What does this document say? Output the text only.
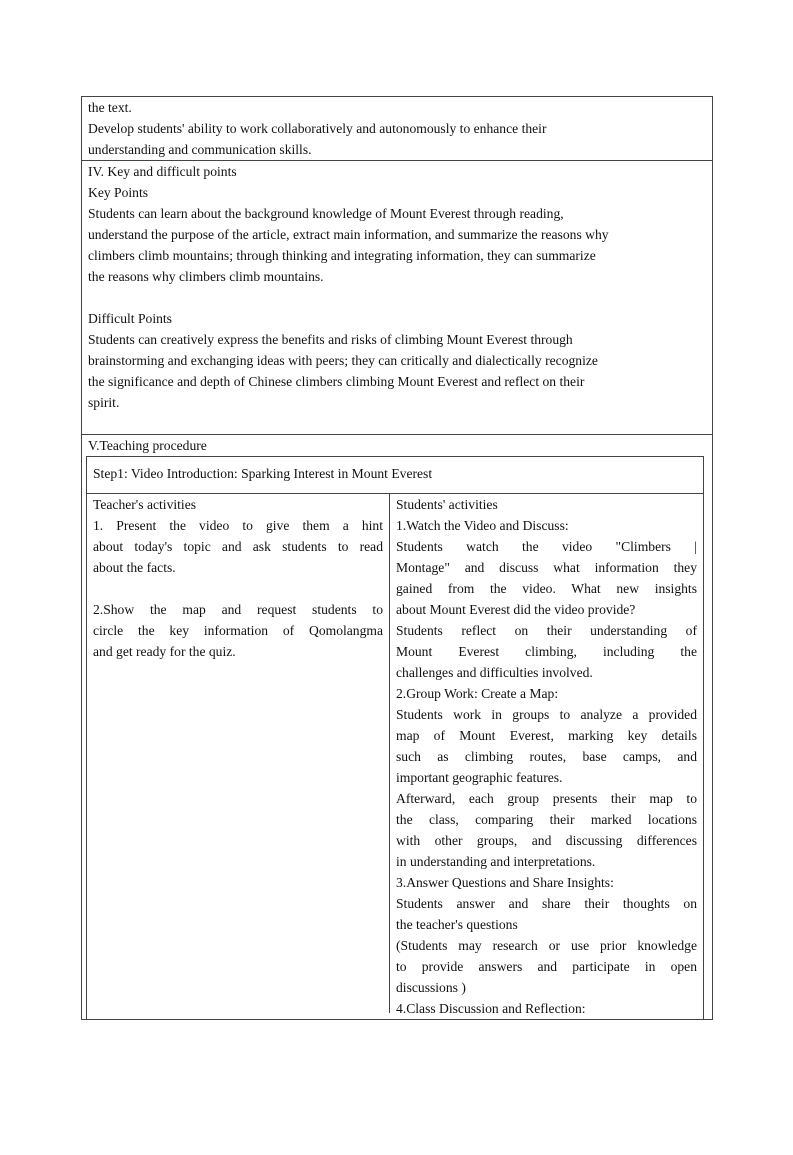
the text.
Develop students' ability to work collaboratively and autonomously to enhance their
understanding and communication skills.
IV. Key and difficult points
Key Points
Students can learn about the background knowledge of Mount Everest through reading,
understand the purpose of the article, extract main information, and summarize the reasons why
climbers climb mountains; through thinking and integrating information, they can summarize
the reasons why climbers climb mountains.
Difficult Points
Students can creatively express the benefits and risks of climbing Mount Everest through
brainstorming and exchanging ideas with peers; they can critically and dialectically recognize
the significance and depth of Chinese climbers climbing Mount Everest and reflect on their
spirit.
V.Teaching procedure
Step1: Video Introduction: Sparking Interest in Mount Everest
Teacher's activities
1. Present the video to give them a hint
about today's topic and ask students to read
about the facts.
2.Show the map and request students to
circle the key information of Qomolangma
and get ready for the quiz.
Students' activities
1.Watch the Video and Discuss:
Students watch the video "Climbers |
Montage" and discuss what information they
gained from the video. What new insights
about Mount Everest did the video provide?
Students reflect on their understanding of
Mount Everest climbing, including the
challenges and difficulties involved.
2.Group Work: Create a Map:
Students work in groups to analyze a provided
map of Mount Everest, marking key details
such as climbing routes, base camps, and
important geographic features.
Afterward, each group presents their map to
the class, comparing their marked locations
with other groups, and discussing differences
in understanding and interpretations.
3.Answer Questions and Share Insights:
Students answer and share their thoughts on
the teacher's questions
(Students may research or use prior knowledge
to provide answers and participate in open
discussions )
4.Class Discussion and Reflection:
